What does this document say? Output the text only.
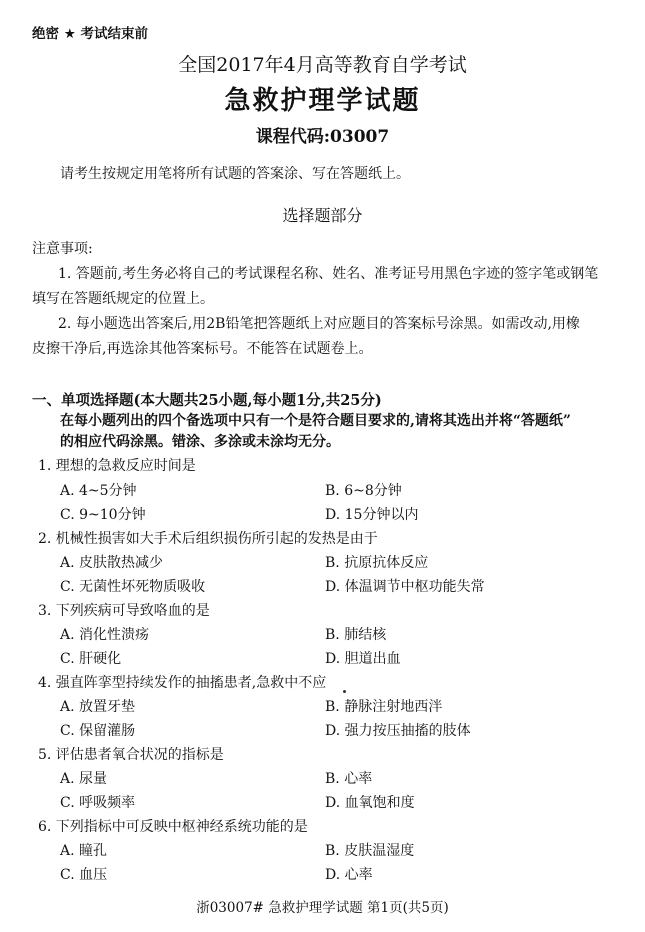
绝密 ★ 考试结束前
全国2017年4月高等教育自学考试
急救护理学试题
课程代码:03007
请考生按规定用笔将所有试题的答案涂、写在答题纸上。
选择题部分
注意事项:
1. 答题前,考生务必将自己的考试课程名称、姓名、准考证号用黑色字迹的签字笔或钢笔
填写在答题纸规定的位置上。
2. 每小题选出答案后,用2B铅笔把答题纸上对应题目的答案标号涂黑。如需改动,用橡
皮擦干净后,再选涂其他答案标号。不能答在试题卷上。
一、单项选择题(本大题共25小题,每小题1分,共25分)
在每小题列出的四个备选项中只有一个是符合题目要求的,请将其选出并将“答题纸”
的相应代码涂黑。错涂、多涂或未涂均无分。
1. 理想的急救反应时间是
A. 4~5分钟	B. 6~8分钟
C. 9~10分钟	D. 15分钟以内
2. 机械性损害如大手术后组织损伤所引起的发热是由于
A. 皮肤散热减少	B. 抗原抗体反应
C. 无菌性坏死物质吸收	D. 体温调节中枢功能失常
3. 下列疾病可导致咯血的是
A. 消化性溃疡	B. 肺结核
C. 肝硬化	D. 胆道出血
4. 强直阵挛型持续发作的抽搐患者,急救中不应
A. 放置牙垫	B. 静脉注射地西泮
C. 保留灌肠	D. 强力按压抽搐的肢体
5. 评估患者氧合状况的指标是
A. 尿量	B. 心率
C. 呼吸频率	D. 血氧饱和度
6. 下列指标中可反映中枢神经系统功能的是
A. 瞳孔	B. 皮肤温湿度
C. 血压	D. 心率
浙03007# 急救护理学试题 第1页(共5页)
